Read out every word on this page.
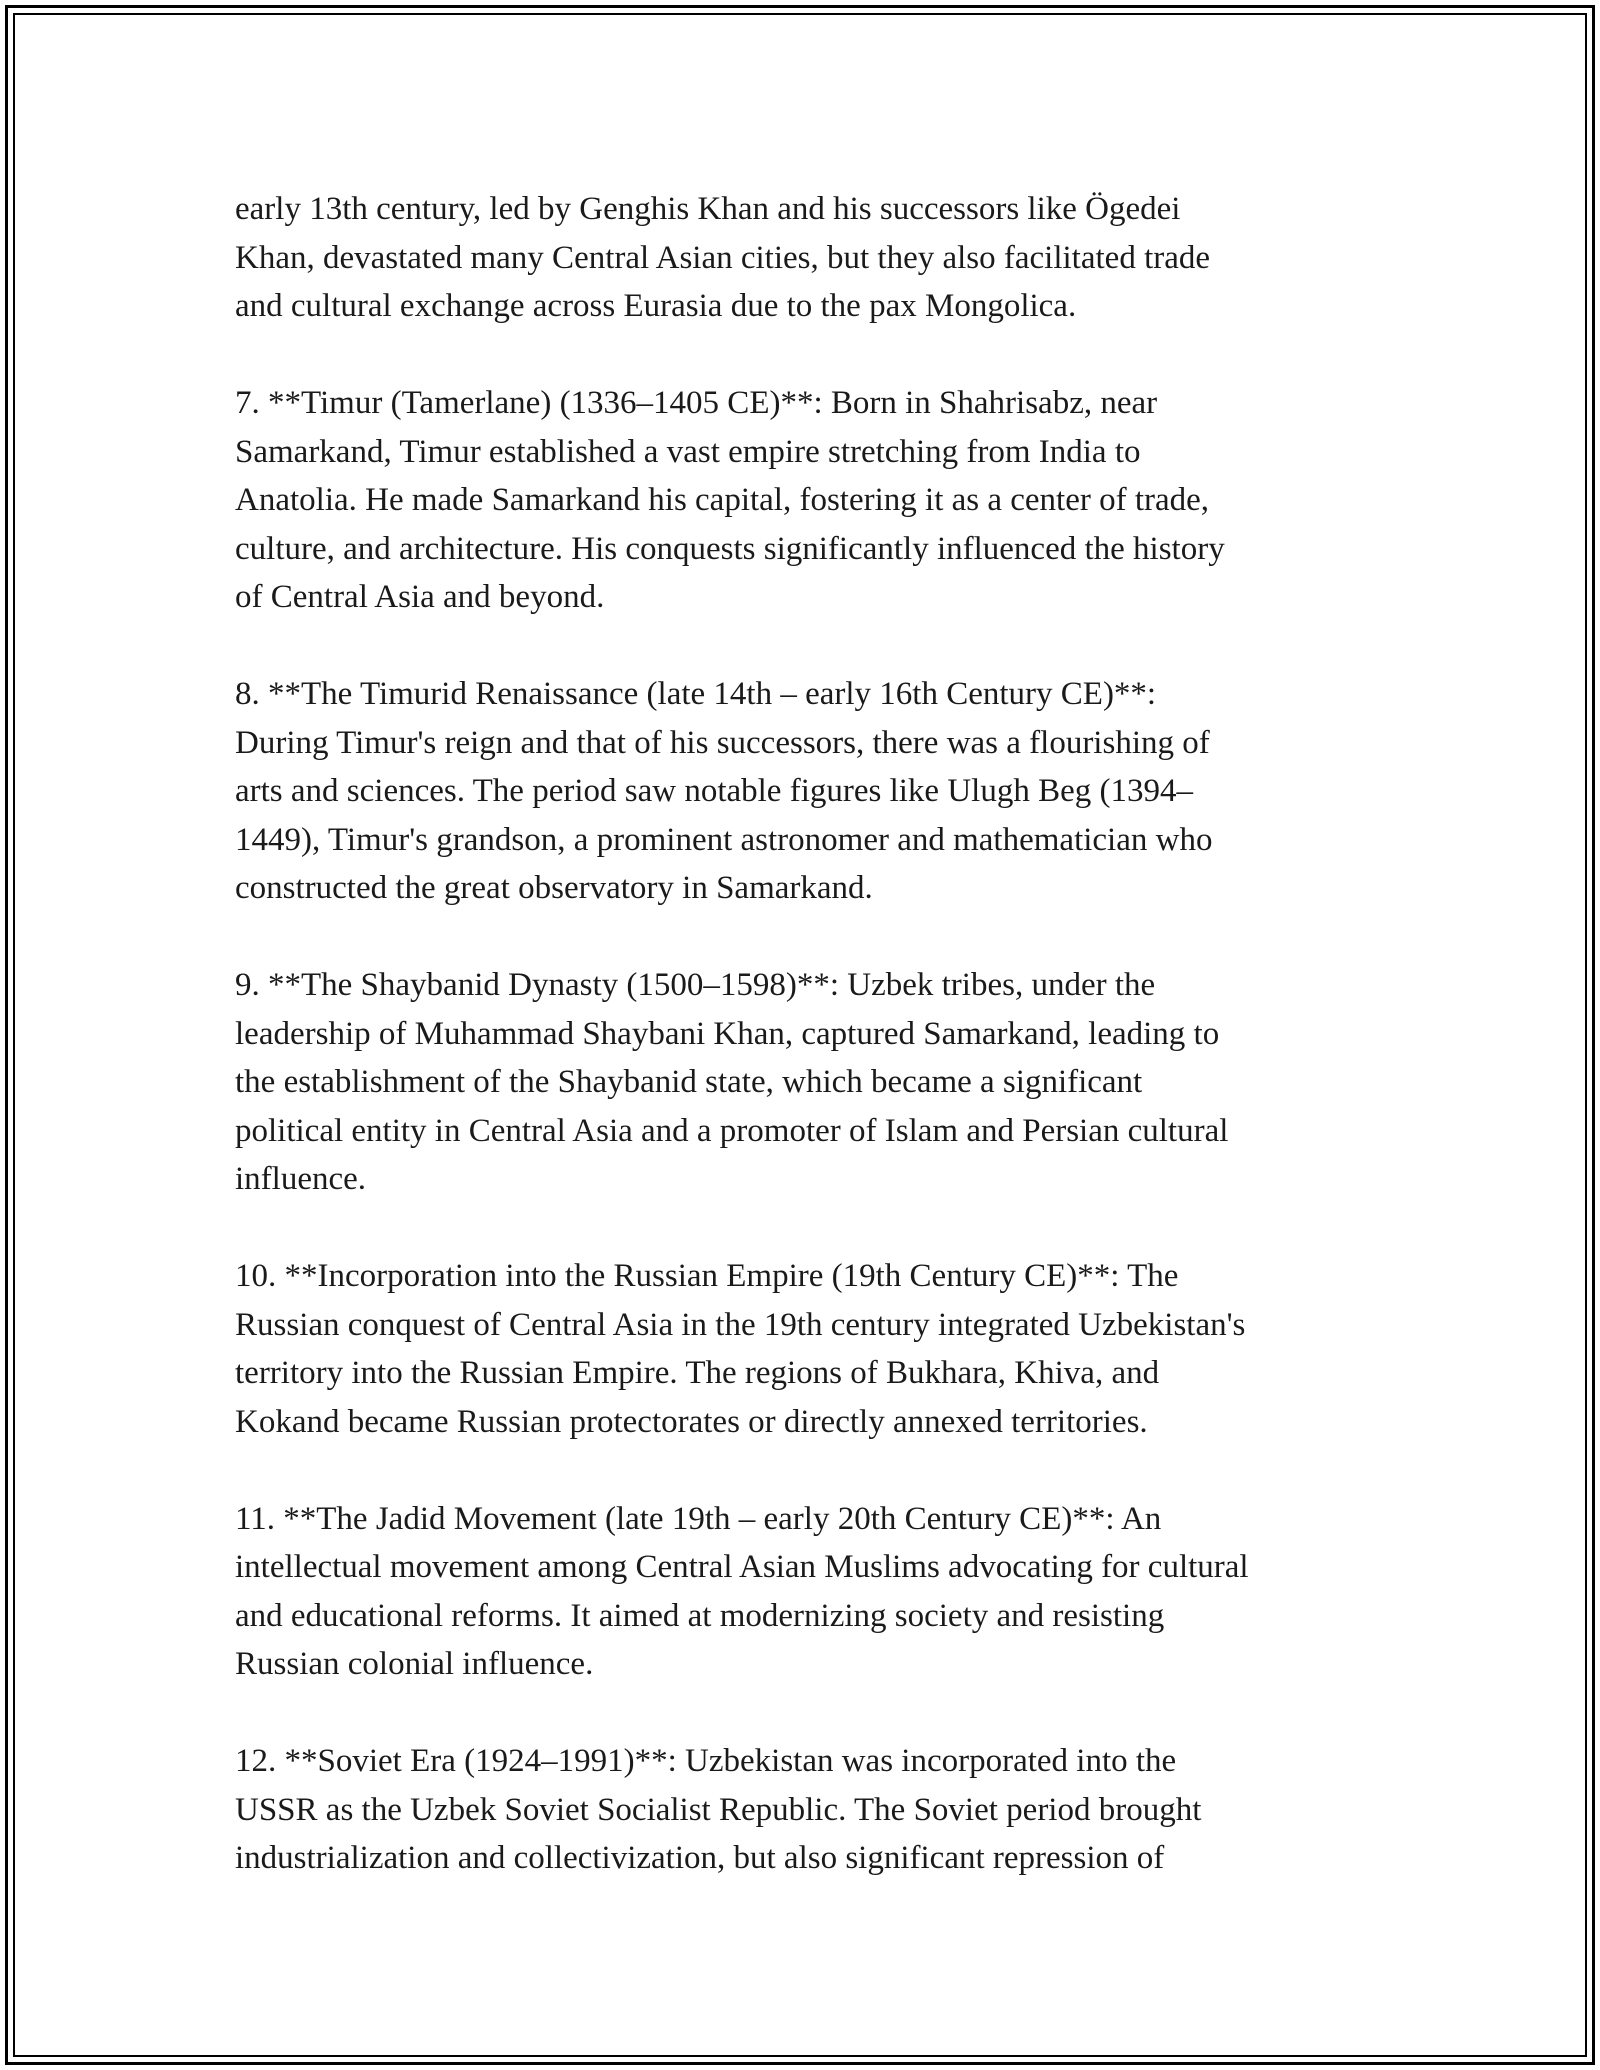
early 13th century, led by Genghis Khan and his successors like Ögedei
Khan, devastated many Central Asian cities, but they also facilitated trade
and cultural exchange across Eurasia due to the pax Mongolica.

7. **Timur (Tamerlane) (1336–1405 CE)**: Born in Shahrisabz, near
Samarkand, Timur established a vast empire stretching from India to
Anatolia. He made Samarkand his capital, fostering it as a center of trade,
culture, and architecture. His conquests significantly influenced the history
of Central Asia and beyond.

8. **The Timurid Renaissance (late 14th – early 16th Century CE)**:
During Timur's reign and that of his successors, there was a flourishing of
arts and sciences. The period saw notable figures like Ulugh Beg (1394–
1449), Timur's grandson, a prominent astronomer and mathematician who
constructed the great observatory in Samarkand.

9. **The Shaybanid Dynasty (1500–1598)**: Uzbek tribes, under the
leadership of Muhammad Shaybani Khan, captured Samarkand, leading to
the establishment of the Shaybanid state, which became a significant
political entity in Central Asia and a promoter of Islam and Persian cultural
influence.

10. **Incorporation into the Russian Empire (19th Century CE)**: The
Russian conquest of Central Asia in the 19th century integrated Uzbekistan's
territory into the Russian Empire. The regions of Bukhara, Khiva, and
Kokand became Russian protectorates or directly annexed territories.

11. **The Jadid Movement (late 19th – early 20th Century CE)**: An
intellectual movement among Central Asian Muslims advocating for cultural
and educational reforms. It aimed at modernizing society and resisting
Russian colonial influence.

12. **Soviet Era (1924–1991)**: Uzbekistan was incorporated into the
USSR as the Uzbek Soviet Socialist Republic. The Soviet period brought
industrialization and collectivization, but also significant repression of
